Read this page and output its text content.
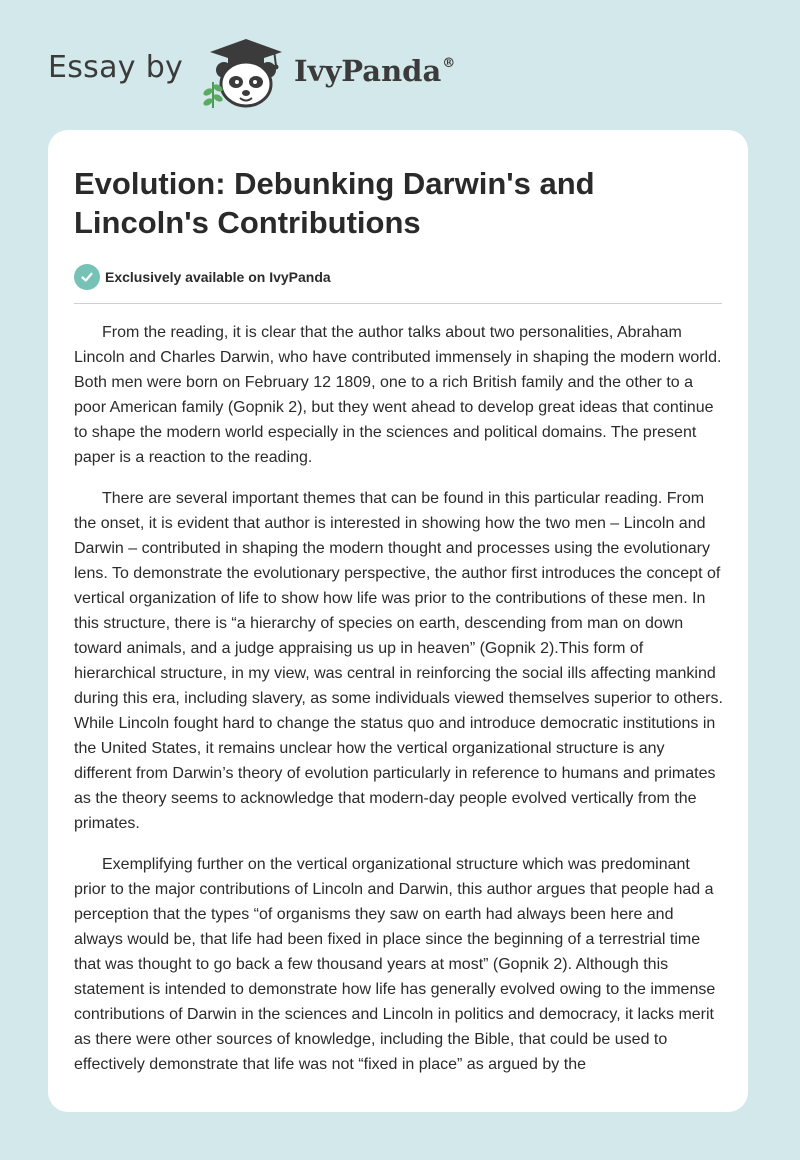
Essay by	IvyPanda®
Evolution: Debunking Darwin's and Lincoln's Contributions
Exclusively available on IvyPanda

From the reading, it is clear that the author talks about two personalities, Abraham Lincoln and Charles Darwin, who have contributed immensely in shaping the modern world. Both men were born on February 12 1809, one to a rich British family and the other to a poor American family (Gopnik 2), but they went ahead to develop great ideas that continue to shape the modern world especially in the sciences and political domains. The present paper is a reaction to the reading.

There are several important themes that can be found in this particular reading. From the onset, it is evident that author is interested in showing how the two men – Lincoln and Darwin – contributed in shaping the modern thought and processes using the evolutionary lens. To demonstrate the evolutionary perspective, the author first introduces the concept of vertical organization of life to show how life was prior to the contributions of these men. In this structure, there is “a hierarchy of species on earth, descending from man on down toward animals, and a judge appraising us up in heaven” (Gopnik 2).This form of hierarchical structure, in my view, was central in reinforcing the social ills affecting mankind during this era, including slavery, as some individuals viewed themselves superior to others. While Lincoln fought hard to change the status quo and introduce democratic institutions in the United States, it remains unclear how the vertical organizational structure is any different from Darwin’s theory of evolution particularly in reference to humans and primates as the theory seems to acknowledge that modern-day people evolved vertically from the primates.

Exemplifying further on the vertical organizational structure which was predominant prior to the major contributions of Lincoln and Darwin, this author argues that people had a perception that the types “of organisms they saw on earth had always been here and always would be, that life had been fixed in place since the beginning of a terrestrial time that was thought to go back a few thousand years at most” (Gopnik 2). Although this statement is intended to demonstrate how life has generally evolved owing to the immense contributions of Darwin in the sciences and Lincoln in politics and democracy, it lacks merit as there were other sources of knowledge, including the Bible, that could be used to effectively demonstrate that life was not “fixed in place” as argued by the
